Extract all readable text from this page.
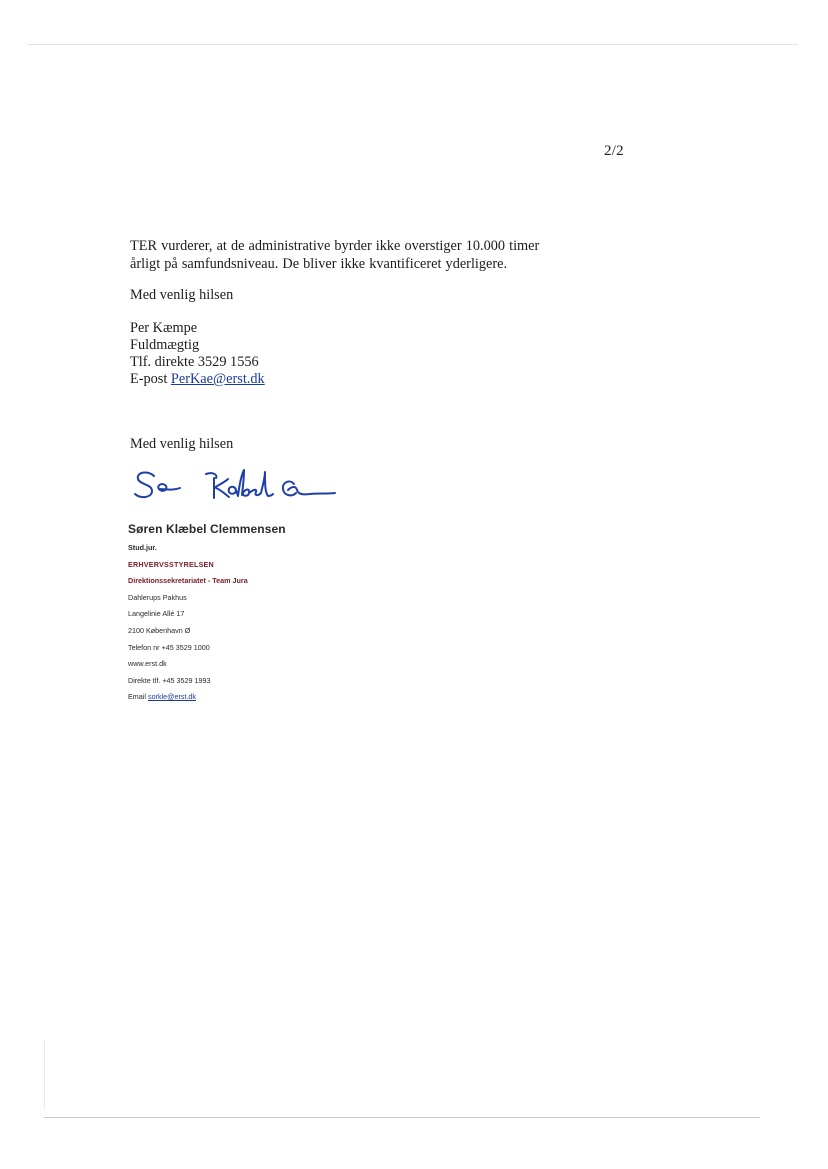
2/2
TER vurderer, at de administrative byrder ikke overstiger 10.000 timer
årligt på samfundsniveau. De bliver ikke kvantificeret yderligere.
Med venlig hilsen
Per Kæmpe
Fuldmægtig
Tlf. direkte 3529 1556
E-post PerKae@erst.dk
Med venlig hilsen
Søren Klæbel Clemmensen
Stud.jur.
ERHVERVSSTYRELSEN
Direktionssekretariatet - Team Jura
Dahlerups Pakhus
Langelinie Allé 17
2100 København Ø
Telefon nr +45 3529 1000
www.erst.dk
Direkte tlf. +45 3529 1993
Email sorkle@erst.dk
